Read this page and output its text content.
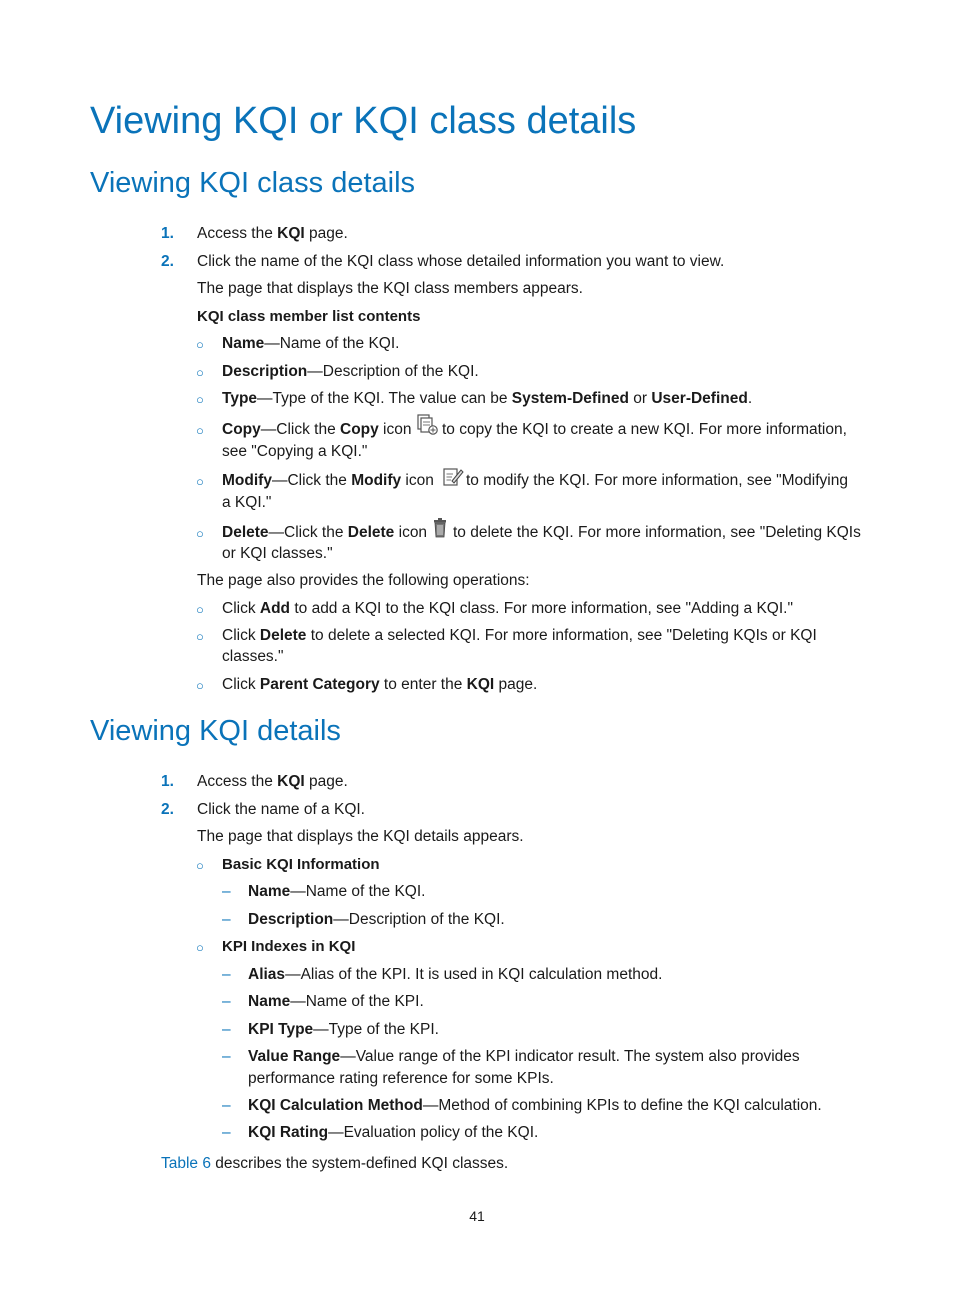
Viewing KQI or KQI class details
Viewing KQI class details
1. Access the KQI page.
2. Click the name of the KQI class whose detailed information you want to view.
The page that displays the KQI class members appears.
KQI class member list contents
○ Name—Name of the KQI.
○ Description—Description of the KQI.
○ Type—Type of the KQI. The value can be System-Defined or User-Defined.
○ Copy—Click the Copy icon to copy the KQI to create a new KQI. For more information,
see "Copying a KQI."
○ Modify—Click the Modify icon to modify the KQI. For more information, see "Modifying
a KQI."
○ Delete—Click the Delete icon to delete the KQI. For more information, see "Deleting KQIs
or KQI classes."
The page also provides the following operations:
○ Click Add to add a KQI to the KQI class. For more information, see "Adding a KQI."
○ Click Delete to delete a selected KQI. For more information, see "Deleting KQIs or KQI
classes."
○ Click Parent Category to enter the KQI page.
Viewing KQI details
1. Access the KQI page.
2. Click the name of a KQI.
The page that displays the KQI details appears.
○ Basic KQI Information
– Name—Name of the KQI.
– Description—Description of the KQI.
○ KPI Indexes in KQI
– Alias—Alias of the KPI. It is used in KQI calculation method.
– Name—Name of the KPI.
– KPI Type—Type of the KPI.
– Value Range—Value range of the KPI indicator result. The system also provides
performance rating reference for some KPIs.
– KQI Calculation Method—Method of combining KPIs to define the KQI calculation.
– KQI Rating—Evaluation policy of the KQI.
Table 6 describes the system-defined KQI classes.
41
